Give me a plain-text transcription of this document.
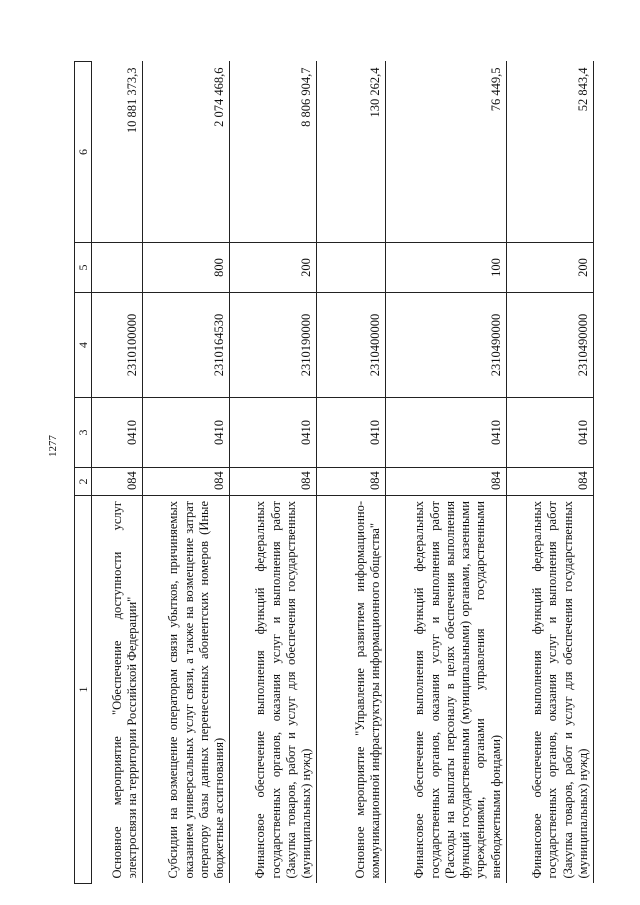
1277
1	2	3	4	5	6
Основное мероприятие "Обеспечение доступности услуг электросвязи на территории Российской Федерации"	084	0410	2310100000		10 881 373,3
Субсидии на возмещение операторам связи убытков, причиняемых оказанием универсальных услуг связи, а также на возмещение затрат оператору базы данных перенесенных абонентских номеров (Иные бюджетные ассигнования)	084	0410	2310164530	800	2 074 468,6
Финансовое обеспечение выполнения функций федеральных государственных органов, оказания услуг и выполнения работ (Закупка товаров, работ и услуг для обеспечения государственных (муниципальных) нужд)	084	0410	2310190000	200	8 806 904,7
Основное мероприятие "Управление развитием информационно-коммуникационной инфраструктуры информационного общества"	084	0410	2310400000		130 262,4
Финансовое обеспечение выполнения функций федеральных государственных органов, оказания услуг и выполнения работ (Расходы на выплаты персоналу в целях обеспечения выполнения функций государственными (муниципальными) органами, казенными учреждениями, органами управления государственными внебюджетными фондами)	084	0410	2310490000	100	76 449,5
Финансовое обеспечение выполнения функций федеральных государственных органов, оказания услуг и выполнения работ (Закупка товаров, работ и услуг для обеспечения государственных (муниципальных) нужд)	084	0410	2310490000	200	52 843,4
